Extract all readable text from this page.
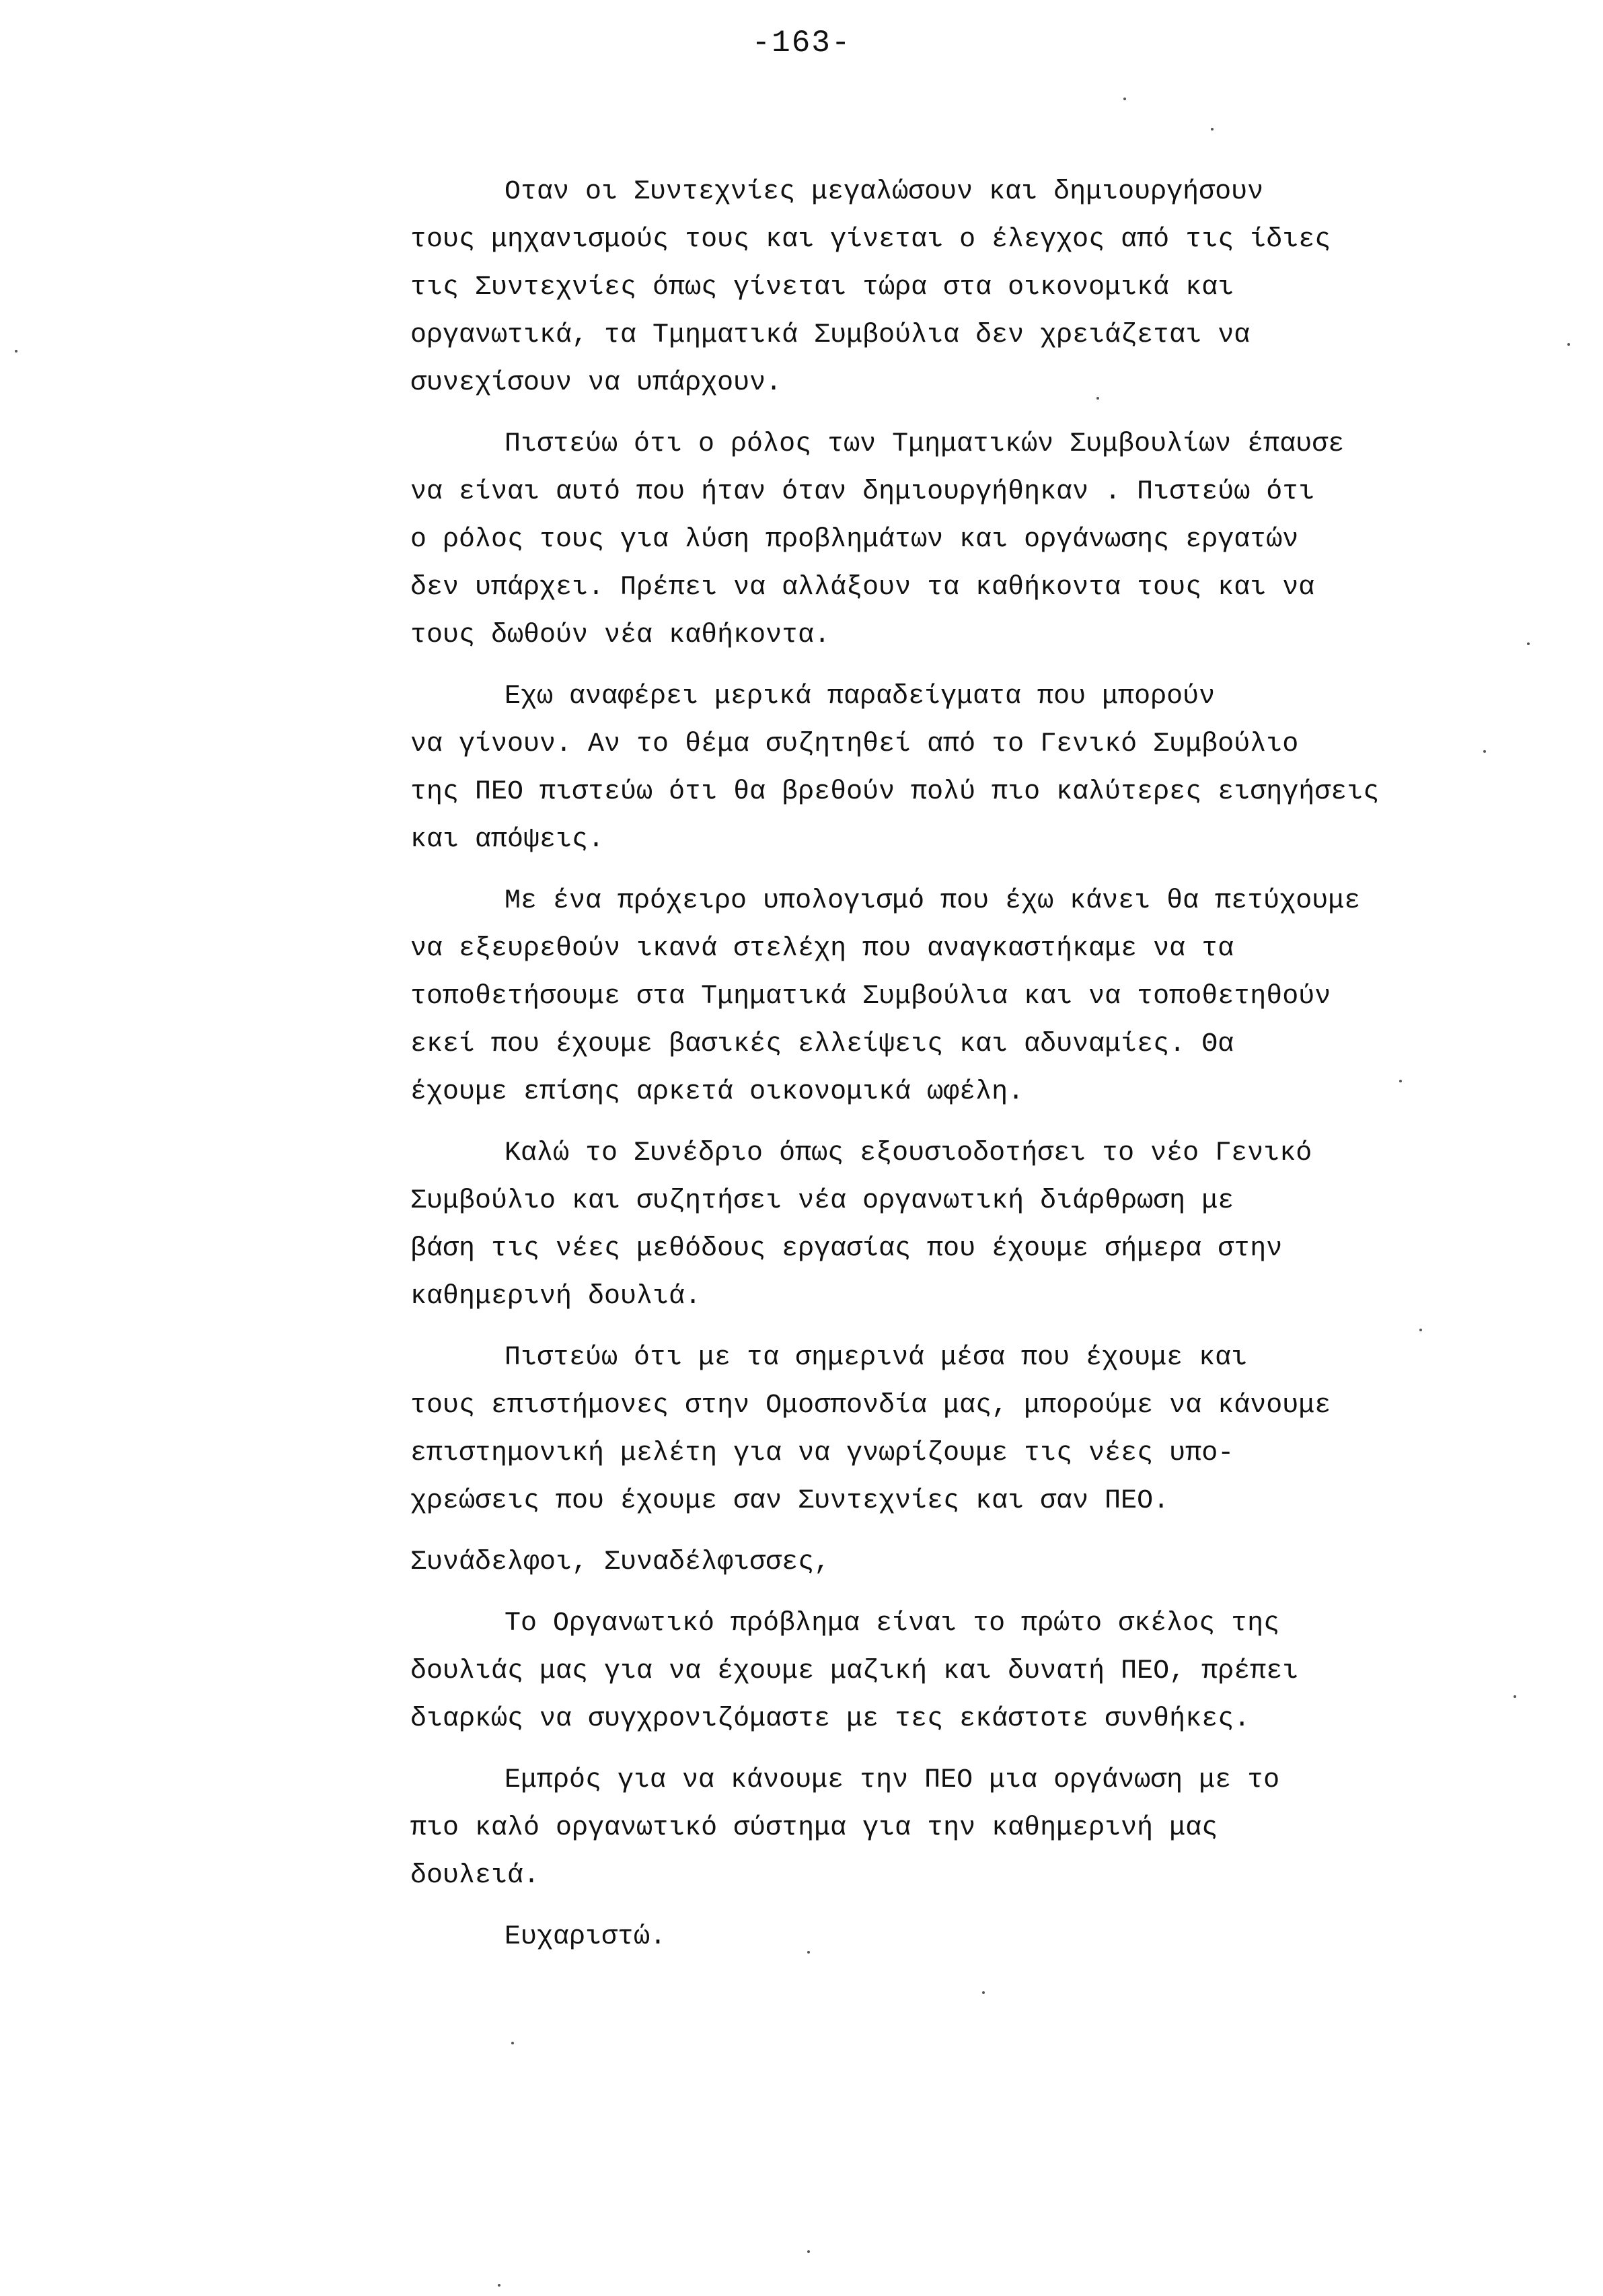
-163-

Οταν οι Συντεχνίες μεγαλώσουν και δημιουργήσουν
τους μηχανισμούς τους και γίνεται ο έλεγχος από τις ίδιες
τις Συντεχνίες όπως γίνεται τώρα στα οικονομικά και
οργανωτικά, τα Τμηματικά Συμβούλια δεν χρειάζεται να
συνεχίσουν να υπάρχουν.

Πιστεύω ότι ο ρόλος των Τμηματικών Συμβουλίων έπαυσε
να είναι αυτό που ήταν όταν δημιουργήθηκαν . Πιστεύω ότι
ο ρόλος τους για λύση προβλημάτων και οργάνωσης εργατών
δεν υπάρχει. Πρέπει να αλλάξουν τα καθήκοντα τους και να
τους δωθούν νέα καθήκοντα.

Εχω αναφέρει μερικά παραδείγματα που μπορούν
να γίνουν. Αν το θέμα συζητηθεί από το Γενικό Συμβούλιο
της ΠΕΟ πιστεύω ότι θα βρεθούν πολύ πιο καλύτερες εισηγήσεις
και απόψεις.

Με ένα πρόχειρο υπολογισμό που έχω κάνει θα πετύχουμε
να εξευρεθούν ικανά στελέχη που αναγκαστήκαμε να τα
τοποθετήσουμε στα Τμηματικά Συμβούλια και να τοποθετηθούν
εκεί που έχουμε βασικές ελλείψεις και αδυναμίες. Θα
έχουμε επίσης αρκετά οικονομικά ωφέλη.

Καλώ το Συνέδριο όπως εξουσιοδοτήσει το νέο Γενικό
Συμβούλιο και συζητήσει νέα οργανωτική διάρθρωση με
βάση τις νέες μεθόδους εργασίας που έχουμε σήμερα στην
καθημερινή δουλιά.

Πιστεύω ότι με τα σημερινά μέσα που έχουμε και
τους επιστήμονες στην Ομοσπονδία μας, μπορούμε να κάνουμε
επιστημονική μελέτη για να γνωρίζουμε τις νέες υπο-
χρεώσεις που έχουμε σαν Συντεχνίες και σαν ΠΕΟ.

Συνάδελφοι, Συναδέλφισσες,

Το Οργανωτικό πρόβλημα είναι το πρώτο σκέλος της
δουλιάς μας για να έχουμε μαζική και δυνατή ΠΕΟ, πρέπει
διαρκώς να συγχρονιζόμαστε με τες εκάστοτε συνθήκες.

Εμπρός για να κάνουμε την ΠΕΟ μια οργάνωση με το
πιο καλό οργανωτικό σύστημα για την καθημερινή μας
δουλειά.

Ευχαριστώ.
